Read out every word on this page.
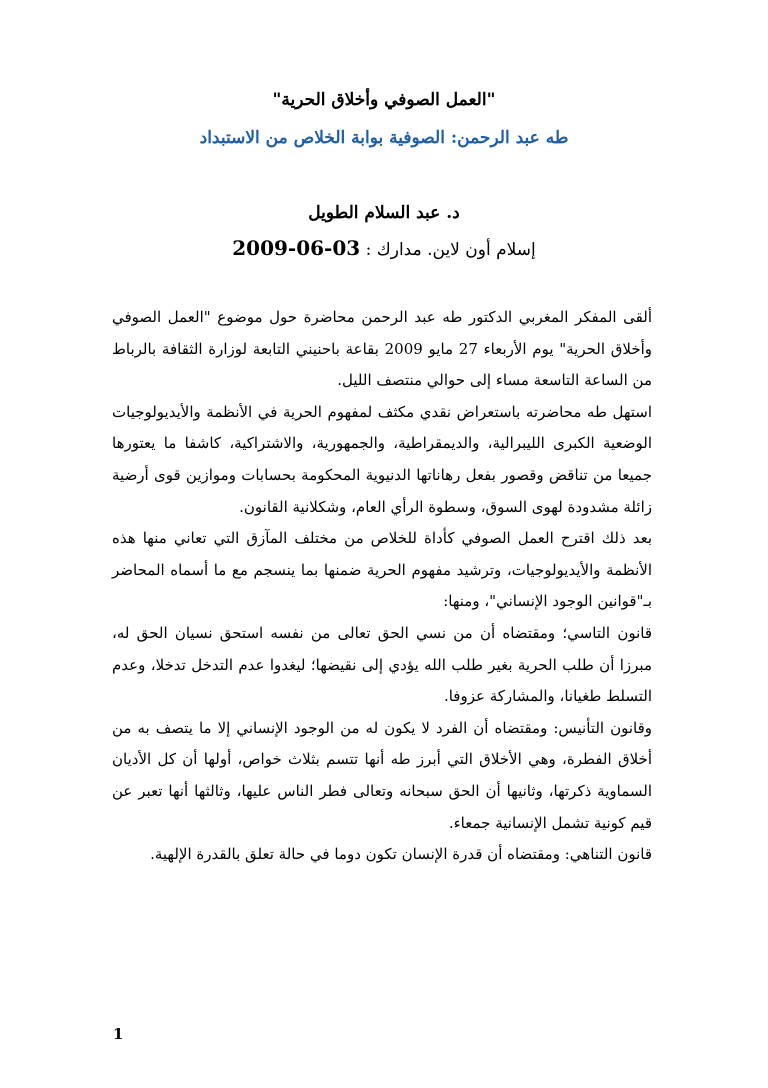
"العمل الصوفي وأخلاق الحرية"
طه عبد الرحمن: الصوفية بوابة الخلاص من الاستبداد
د. عبد السلام الطويل
إسلام أون لاين. مدارك : 2009-06-03

ألقى المفكر المغربي الدكتور طه عبد الرحمن محاضرة حول موضوع "العمل الصوفي وأخلاق الحرية" يوم الأربعاء 27 مايو 2009 بقاعة باحنيني التابعة لوزارة الثقافة بالرباط من الساعة التاسعة مساء إلى حوالي منتصف الليل.

استهل طه محاضرته باستعراض نقدي مكثف لمفهوم الحرية في الأنظمة والأيديولوجيات الوضعية الكبرى الليبرالية، والديمقراطية، والجمهورية، والاشتراكية، كاشفا ما يعتورها جميعا من تناقض وقصور بفعل رهاناتها الدنيوية المحكومة بحسابات وموازين قوى أرضية زائلة مشدودة لهوى السوق، وسطوة الرأي العام، وشكلانية القانون.

بعد ذلك اقترح العمل الصوفي كأداة للخلاص من مختلف المآزق التي تعاني منها هذه الأنظمة والأيديولوجيات، وترشيد مفهوم الحرية ضمنها بما ينسجم مع ما أسماه المحاضر بـ"قوانين الوجود الإنساني"، ومنها:

قانون التاسي؛ ومقتضاه أن من نسي الحق تعالى من نفسه استحق نسيان الحق له، مبرزا أن طلب الحرية بغير طلب الله يؤدي إلى نقيضها؛ ليغدوا عدم التدخل تدخلا، وعدم التسلط طغيانا، والمشاركة عزوفا.

وقانون التأنيس: ومقتضاه أن الفرد لا يكون له من الوجود الإنساني إلا ما يتصف به من أخلاق الفطرة، وهي الأخلاق التي أبرز طه أنها تتسم بثلاث خواص، أولها أن كل الأديان السماوية ذكرتها، وثانيها أن الحق سبحانه وتعالى فطر الناس عليها، وثالثها أنها تعبر عن قيم كونية تشمل الإنسانية جمعاء.

قانون التناهي: ومقتضاه أن قدرة الإنسان تكون دوما في حالة تعلق بالقدرة الإلهية.

1
